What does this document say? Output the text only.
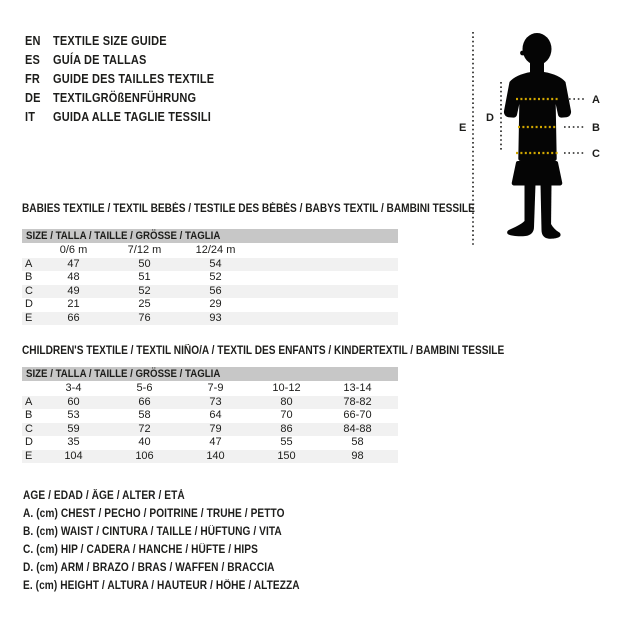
EN TEXTILE SIZE GUIDE
ES	GUÍA DE TALLAS
FR	GUIDE DES TAILLES TEXTILE
DE TEXTILGRÖßENFÜHRUNG
IT	GUIDA ALLE TAGLIE TESSILI
A
B
C
D
E
BABIES TEXTILE / TEXTIL BEBÉS / TESTILE DES BÉBÉS / BABYS TEXTIL / BAMBINI TESSILE
SIZE / TALLA / TAILLE / GRÖSSE / TAGLIA
0/6 m	7/12 m	12/24 m
A	47	50	54
B	48	51	52
C	49	52	56
D	21	25	29
E	66	76	93
CHILDREN'S TEXTILE / TEXTIL NIÑO/A / TEXTIL DES ENFANTS / KINDERTEXTIL / BAMBINI TESSILE
SIZE / TALLA / TAILLE / GRÖSSE / TAGLIA
3-4	5-6	7-9	10-12	13-14
A	60	66	73	80	78-82
B	53	58	64	70	66-70
C	59	72	79	86	84-88
D	35	40	47	55	58
E	104	106	140	150	98
AGE / EDAD / ÂGE / ALTER / ETÀ
A. (cm) CHEST / PECHO / POITRINE / TRUHE / PETTO
B. (cm) WAIST / CINTURA / TAILLE / HÜFTUNG / VITA
C. (cm) HIP / CADERA / HANCHE / HÜFTE / HIPS
D. (cm) ARM / BRAZO / BRAS / WAFFEN / BRACCIA
E. (cm) HEIGHT / ALTURA / HAUTEUR / HÖHE / ALTEZZA
